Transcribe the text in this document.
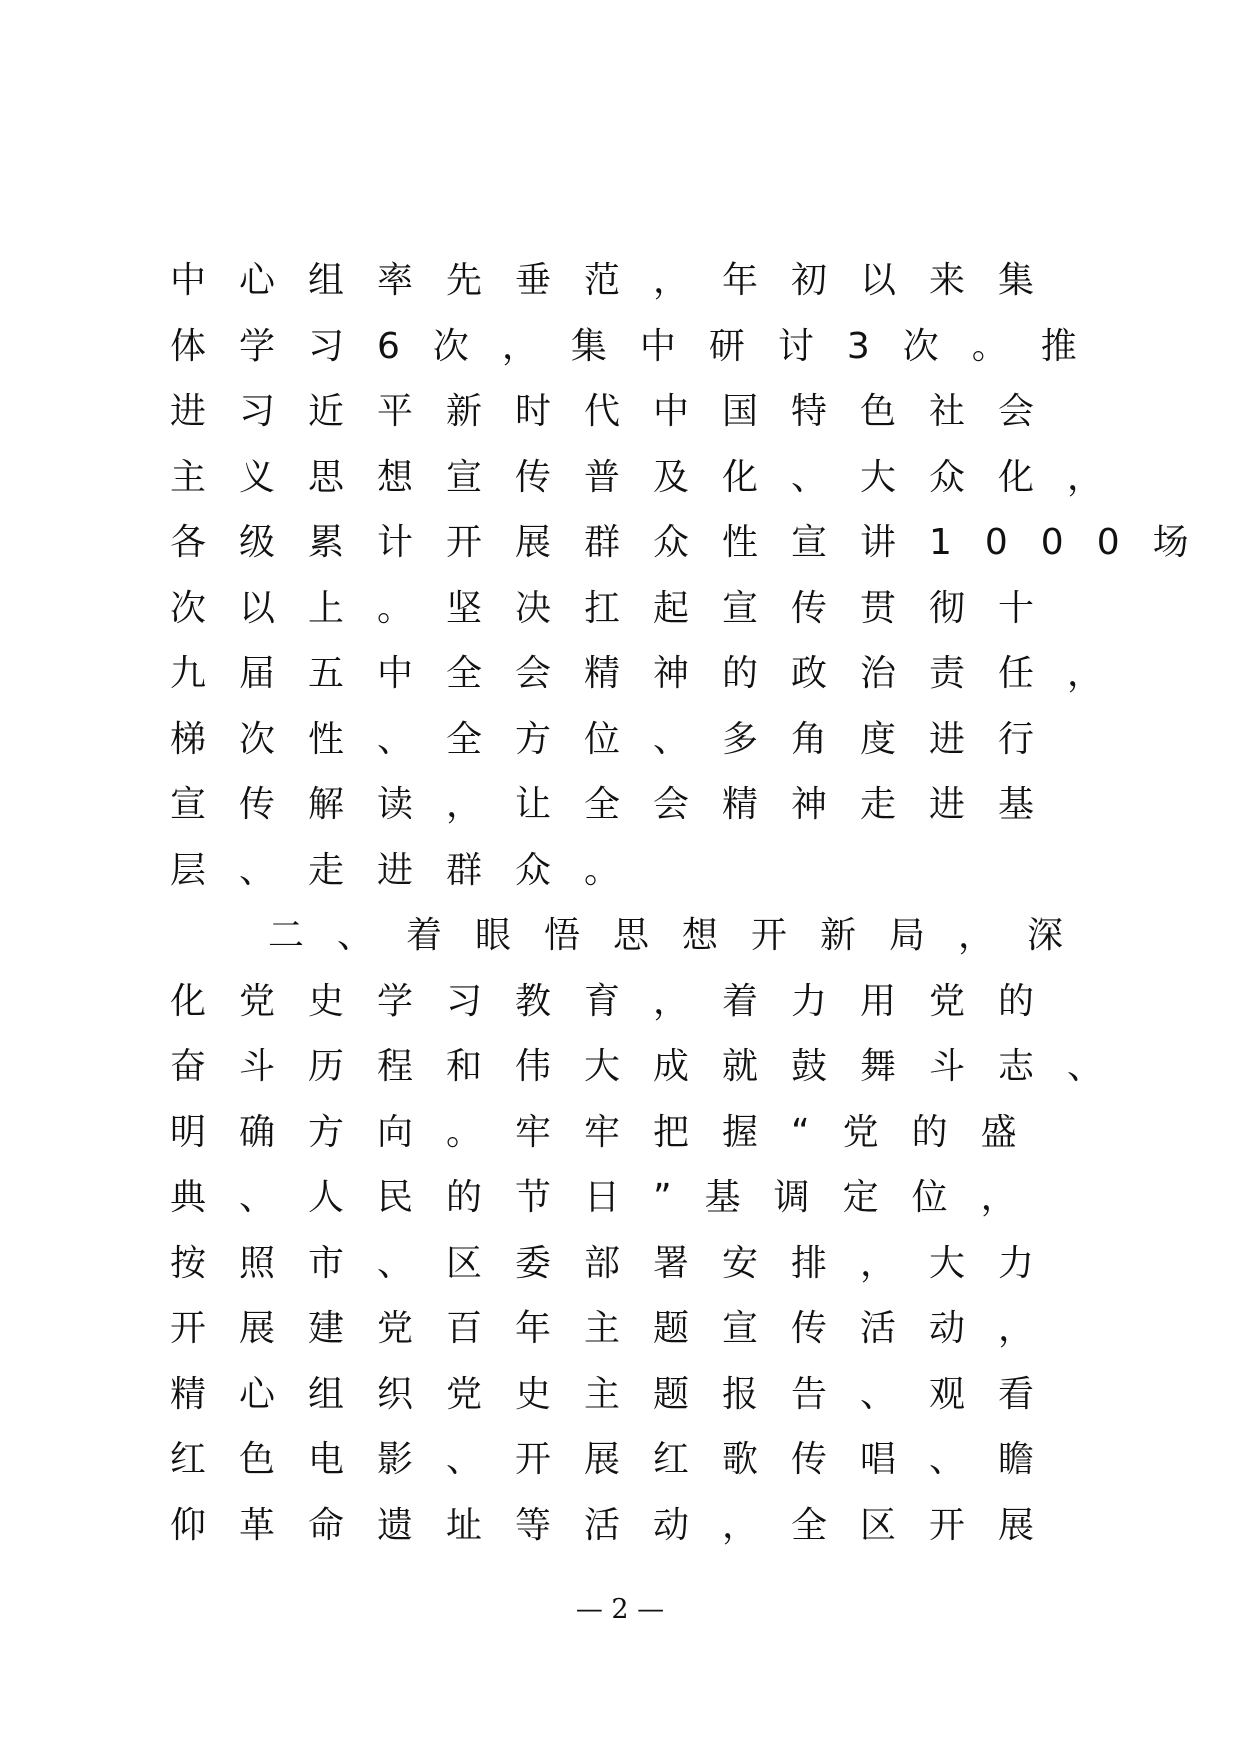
中心组率先垂范，年初以来集
体学习6次，集中研讨3次。推
进习近平新时代中国特色社会
主义思想宣传普及化、大众化，
各级累计开展群众性宣讲1000场
次以上。坚决扛起宣传贯彻十
九届五中全会精神的政治责任，
梯次性、全方位、多角度进行
宣传解读，让全会精神走进基
层、走进群众。
二、着眼悟思想开新局，深
化党史学习教育，着力用党的
奋斗历程和伟大成就鼓舞斗志、
明确方向。牢牢把握“党的盛
典、人民的节日”基调定位，
按照市、区委部署安排，大力
开展建党百年主题宣传活动，
精心组织党史主题报告、观看
红色电影、开展红歌传唱、瞻
仰革命遗址等活动，全区开展
— 2 —
